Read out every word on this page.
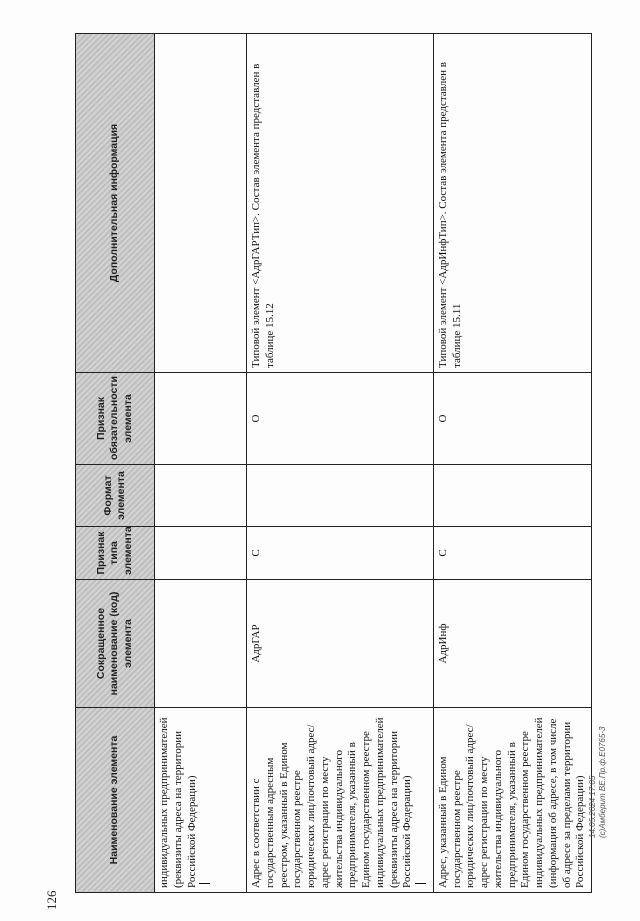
126
Наименование элемента	Сокращенное наименование (код) элемента	Признак типа элемента	Формат элемента	Признак обязательности элемента	Дополнительная информация

индивидуальных предпринимателей (реквизиты адреса на территории Российской Федерации)					

Адрес в соответствии с государственным адресным реестром, указанный в Едином государственном реестре юридических лиц/почтовый адрес/адрес регистрации по месту жительства индивидуального предпринимателя, указанный в Едином государственном реестре индивидуальных предпринимателей (реквизиты адреса на территории Российской Федерации)	АдрГАР	С		О	Типовой элемент <АдрГАРТип>. Состав элемента представлен в таблице 15.12
Адрес, указанный в Едином государственном реестре юридических лиц/почтовый адрес/адрес регистрации по месту жительства индивидуального предпринимателя, указанный в Едином государственном реестре индивидуальных предпринимателей (информация об адресе, в том числе об адресе за пределами территории Российской Федерации)	АдрИнф	С		О	Типовой элемент <АдрИнфТип>. Состав элемента представлен в таблице 15.11
14.05.2024 17:05 (c)Амберит ВЕ.Пр.ф.Е0765-3
